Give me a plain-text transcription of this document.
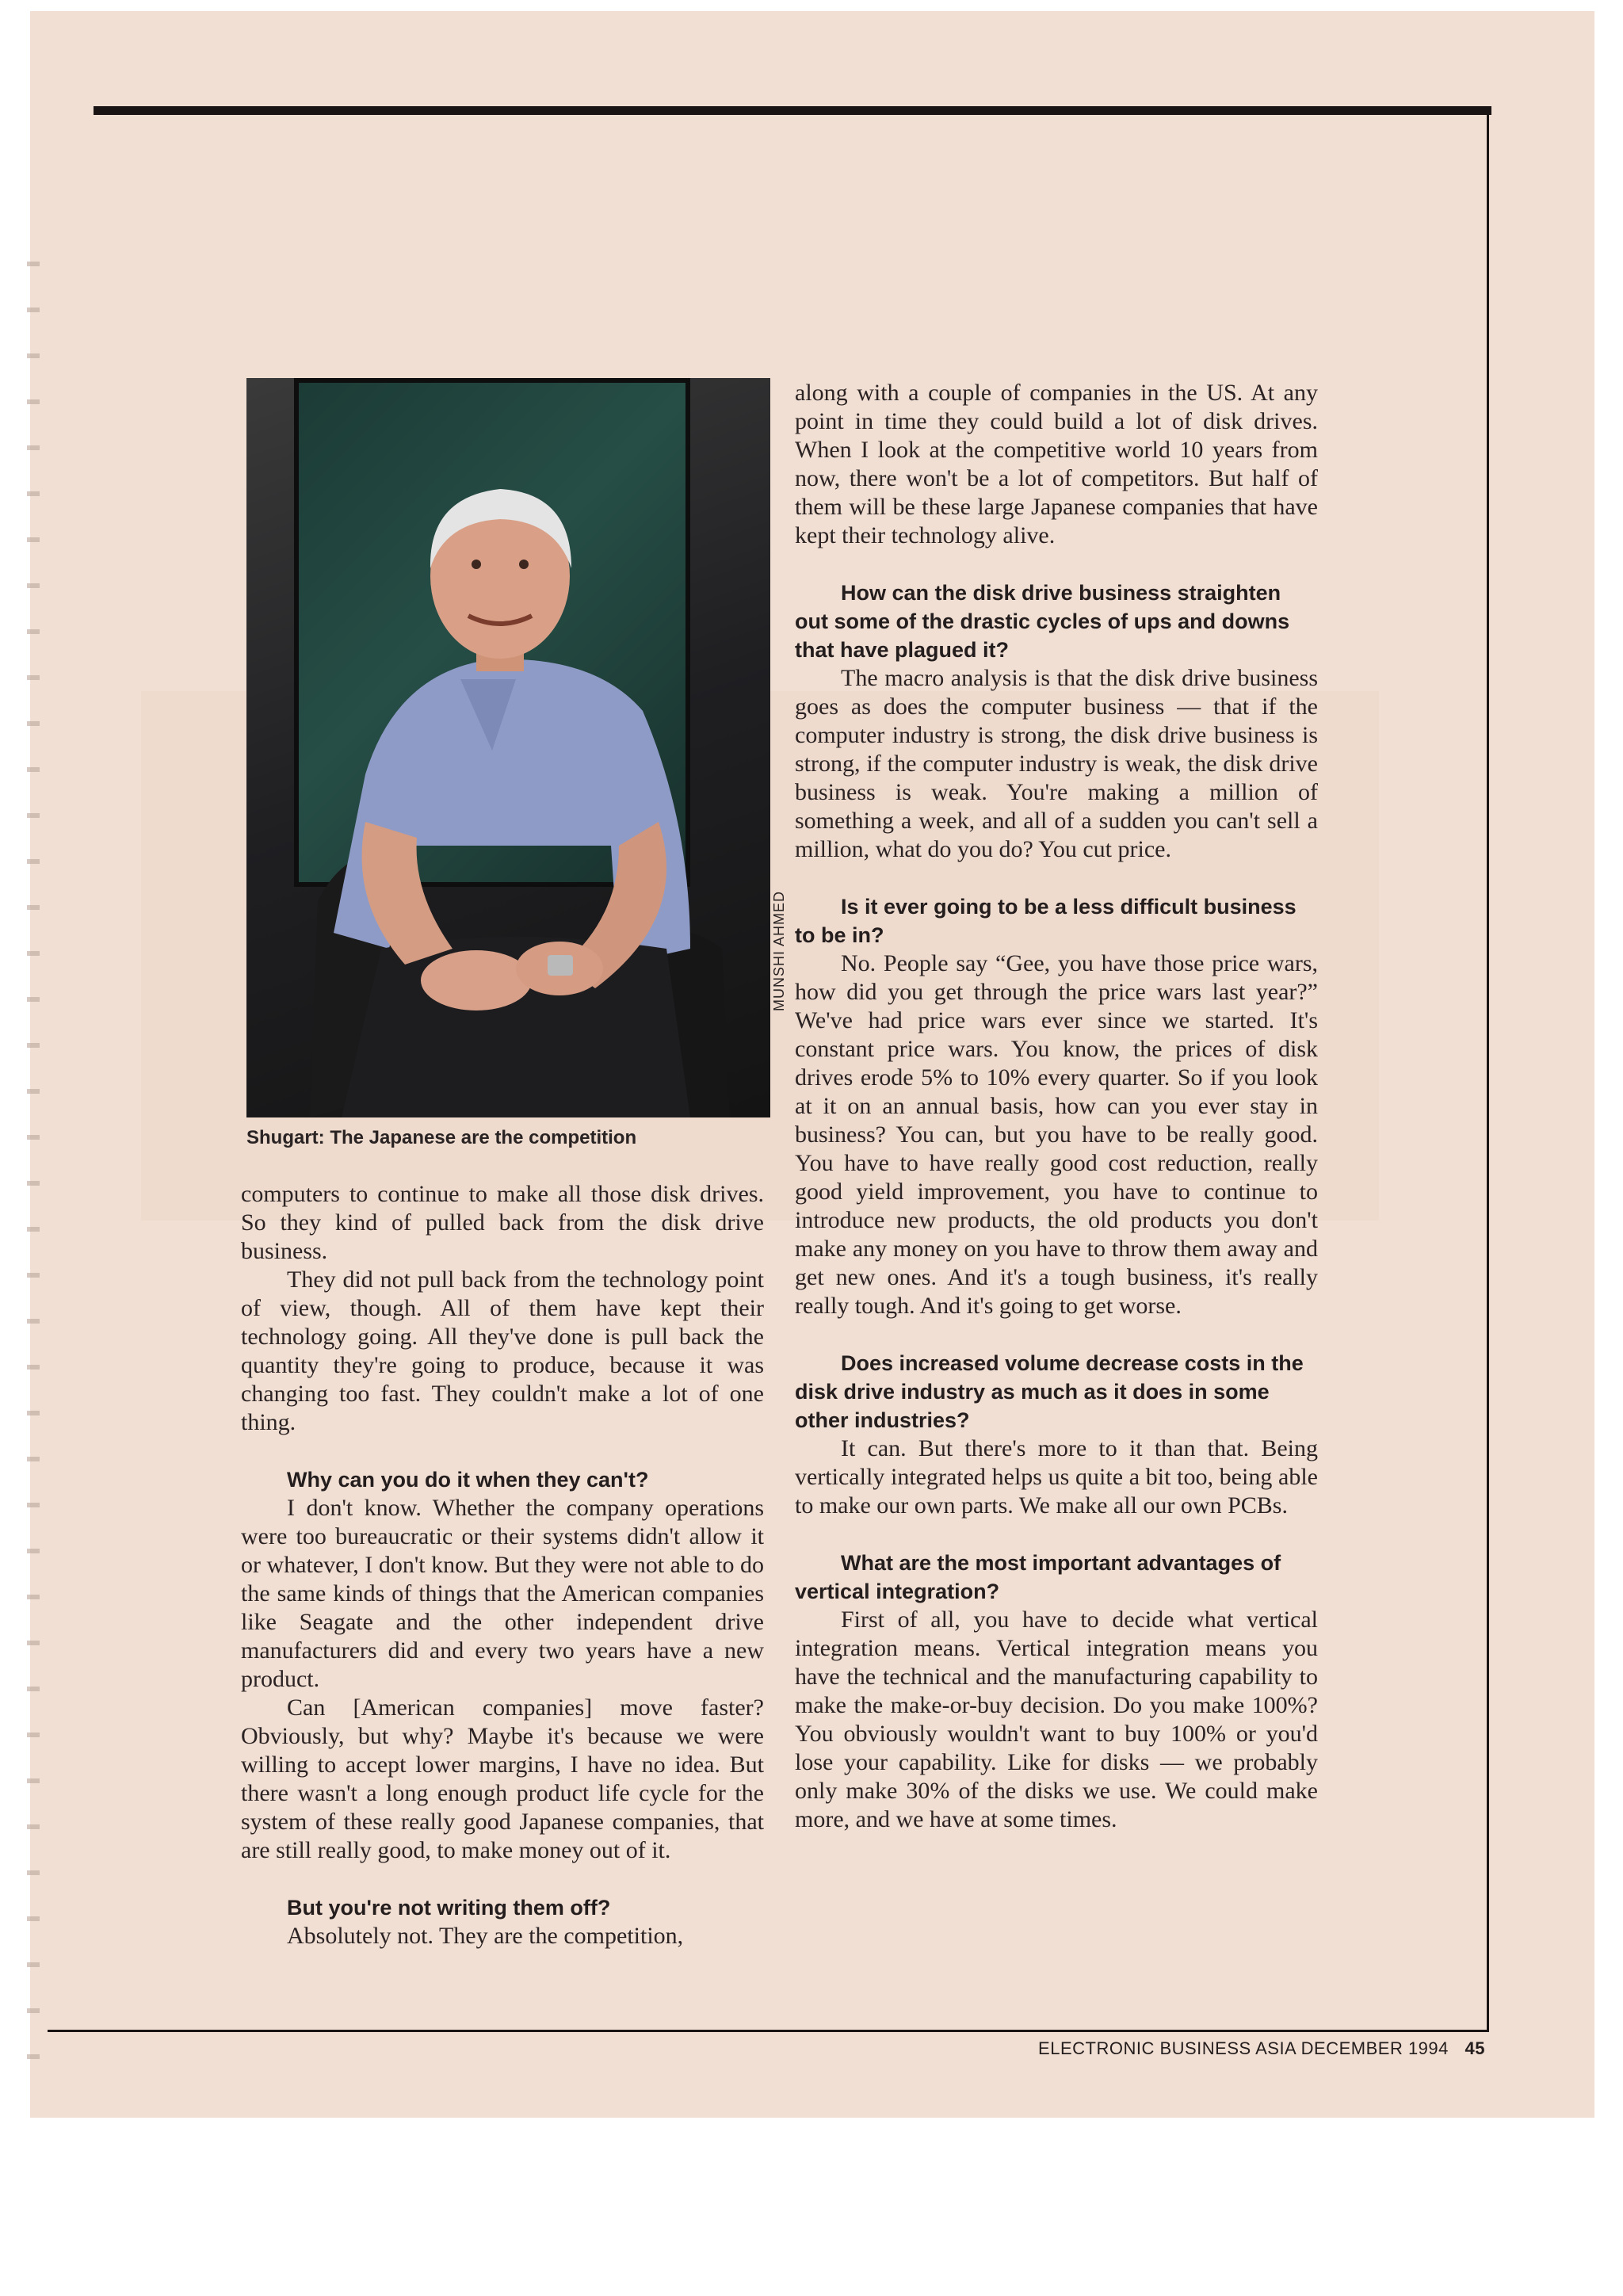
MUNSHI AHMED
Shugart: The Japanese are the competition

computers to continue to make all those disk drives. So they kind of pulled back from the disk drive business.

They did not pull back from the technology point of view, though. All of them have kept their technology going. All they've done is pull back the quantity they're going to produce, because it was changing too fast. They couldn't make a lot of one thing.

Why can you do it when they can't?

I don't know. Whether the company operations were too bureaucratic or their systems didn't allow it or whatever, I don't know. But they were not able to do the same kinds of things that the American companies like Seagate and the other independent drive manufacturers did and every two years have a new product.

Can [American companies] move faster? Obviously, but why? Maybe it's because we were willing to accept lower margins, I have no idea. But there wasn't a long enough product life cycle for the system of these really good Japanese companies, that are still really good, to make money out of it.

But you're not writing them off?

Absolutely not. They are the competition,

along with a couple of companies in the US. At any point in time they could build a lot of disk drives. When I look at the competitive world 10 years from now, there won't be a lot of competitors. But half of them will be these large Japanese companies that have kept their technology alive.

How can the disk drive business straighten out some of the drastic cycles of ups and downs that have plagued it?

The macro analysis is that the disk drive business goes as does the computer business — that if the computer industry is strong, the disk drive business is strong, if the computer industry is weak, the disk drive business is weak. You're making a million of something a week, and all of a sudden you can't sell a million, what do you do? You cut price.

Is it ever going to be a less difficult business to be in?

No. People say “Gee, you have those price wars, how did you get through the price wars last year?” We've had price wars ever since we started. It's constant price wars. You know, the prices of disk drives erode 5% to 10% every quarter. So if you look at it on an annual basis, how can you ever stay in business? You can, but you have to be really good. You have to have really good cost reduction, really good yield improvement, you have to continue to introduce new products, the old products you don't make any money on you have to throw them away and get new ones. And it's a tough business, it's really really tough. And it's going to get worse.

Does increased volume decrease costs in the disk drive industry as much as it does in some other industries?

It can. But there's more to it than that. Being vertically integrated helps us quite a bit too, being able to make our own parts. We make all our own PCBs.

What are the most important advantages of vertical integration?

First of all, you have to decide what vertical integration means. Vertical integration means you have the technical and the manufacturing capability to make the make-or-buy decision. Do you make 100%? You obviously wouldn't want to buy 100% or you'd lose your capability. Like for disks — we probably only make 30% of the disks we use. We could make more, and we have at some times.

ELECTRONIC BUSINESS ASIA DECEMBER 1994 45
